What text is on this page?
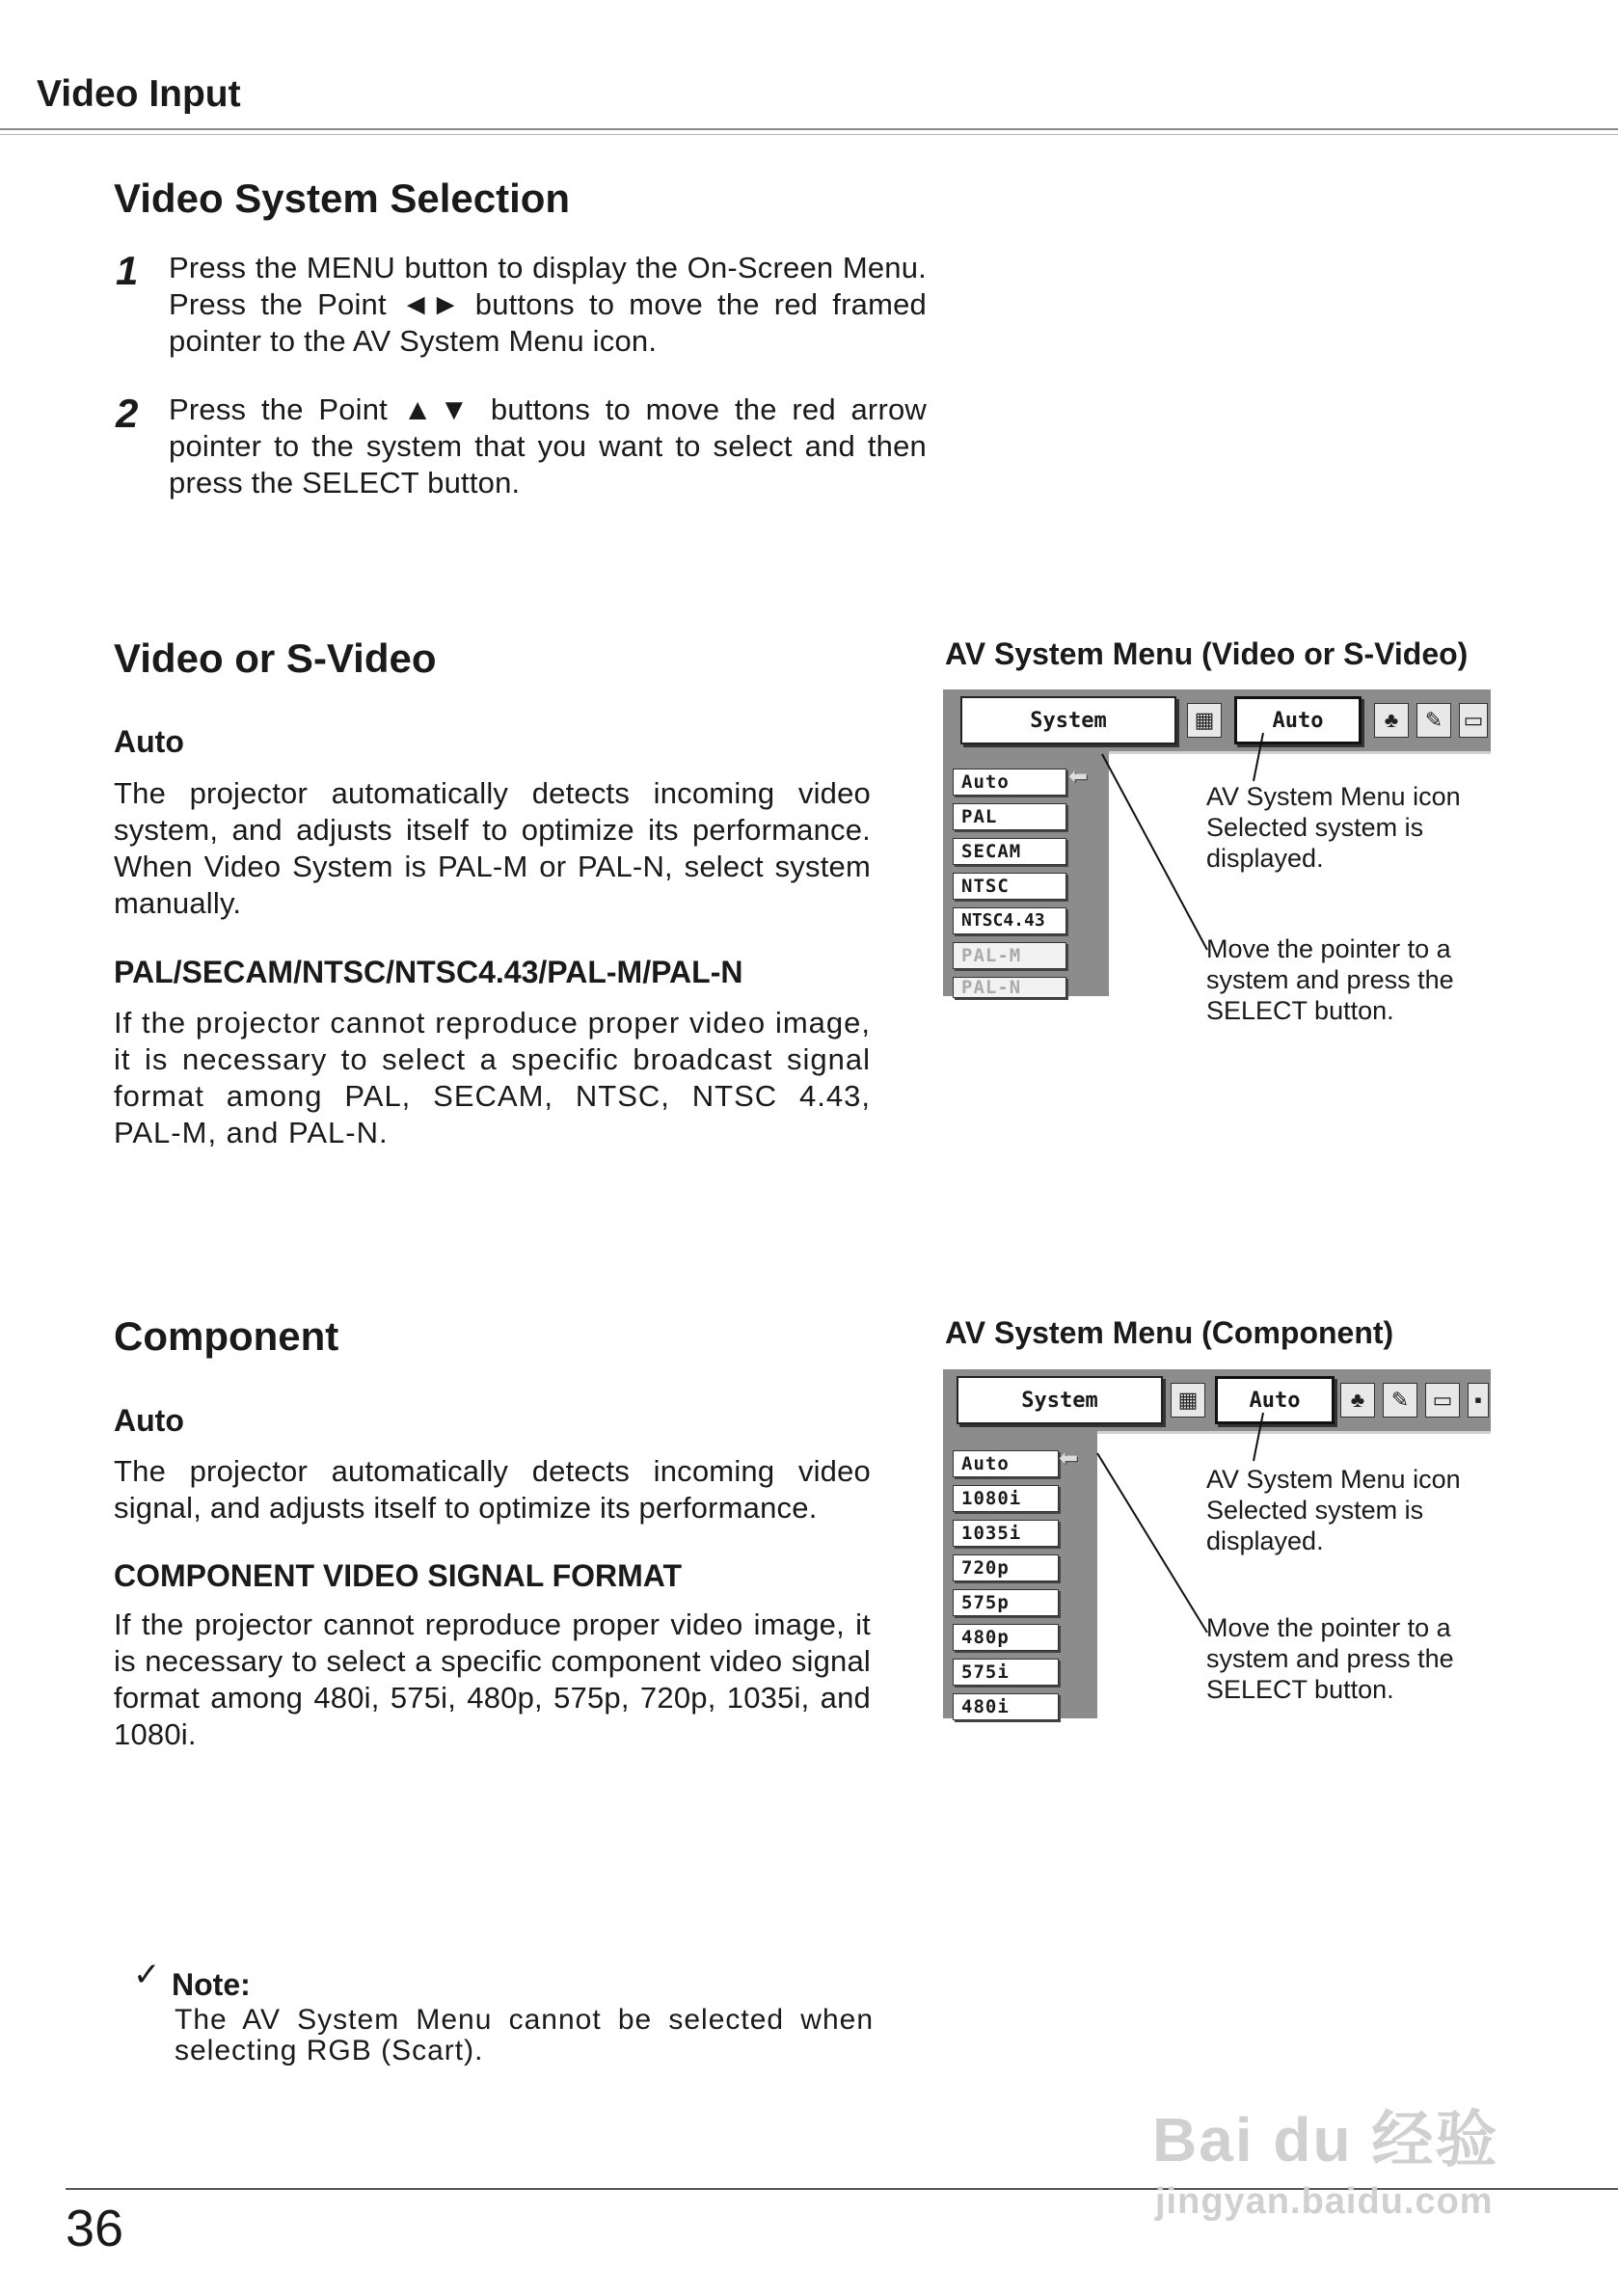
Video Input
Video System Selection
1 Press the MENU button to display the On-Screen Menu. Press the Point ◄► buttons to move the red framed pointer to the AV System Menu icon.
2 Press the Point ▲▼ buttons to move the red arrow pointer to the system that you want to select and then press the SELECT button.
Video or S-Video
Auto
The projector automatically detects incoming video system, and adjusts itself to optimize its performance. When Video System is PAL-M or PAL-N, select system manually.
PAL/SECAM/NTSC/NTSC4.43/PAL-M/PAL-N
If the projector cannot reproduce proper video image, it is necessary to select a specific broadcast signal format among PAL, SECAM, NTSC, NTSC 4.43, PAL-M, and PAL-N.
AV System Menu (Video or S-Video)
System	▦	Auto	♣	✎ ▭
Auto
PAL
SECAM
NTSC
NTSC4.43
PAL-M
PAL-N
⬅
AV System Menu icon Selected system is displayed.
Move the pointer to a system and press the SELECT button.
Component
Auto
The projector automatically detects incoming video signal, and adjusts itself to optimize its performance.
COMPONENT VIDEO SIGNAL FORMAT
If the projector cannot reproduce proper video image, it is necessary to select a specific component video signal format among 480i, 575i, 480p, 575p, 720p, 1035i, and 1080i.
AV System Menu (Component)
System	▦	Auto	♣	✎	▭	▪
Auto
1080i
1035i
720p
575p
480p
575i
480i
⬅
AV System Menu icon Selected system is displayed.
Move the pointer to a system and press the SELECT button.
✓ Note:
The AV System Menu cannot be selected when selecting RGB (Scart).
36
Bai du 经验
jingyan.baidu.com
